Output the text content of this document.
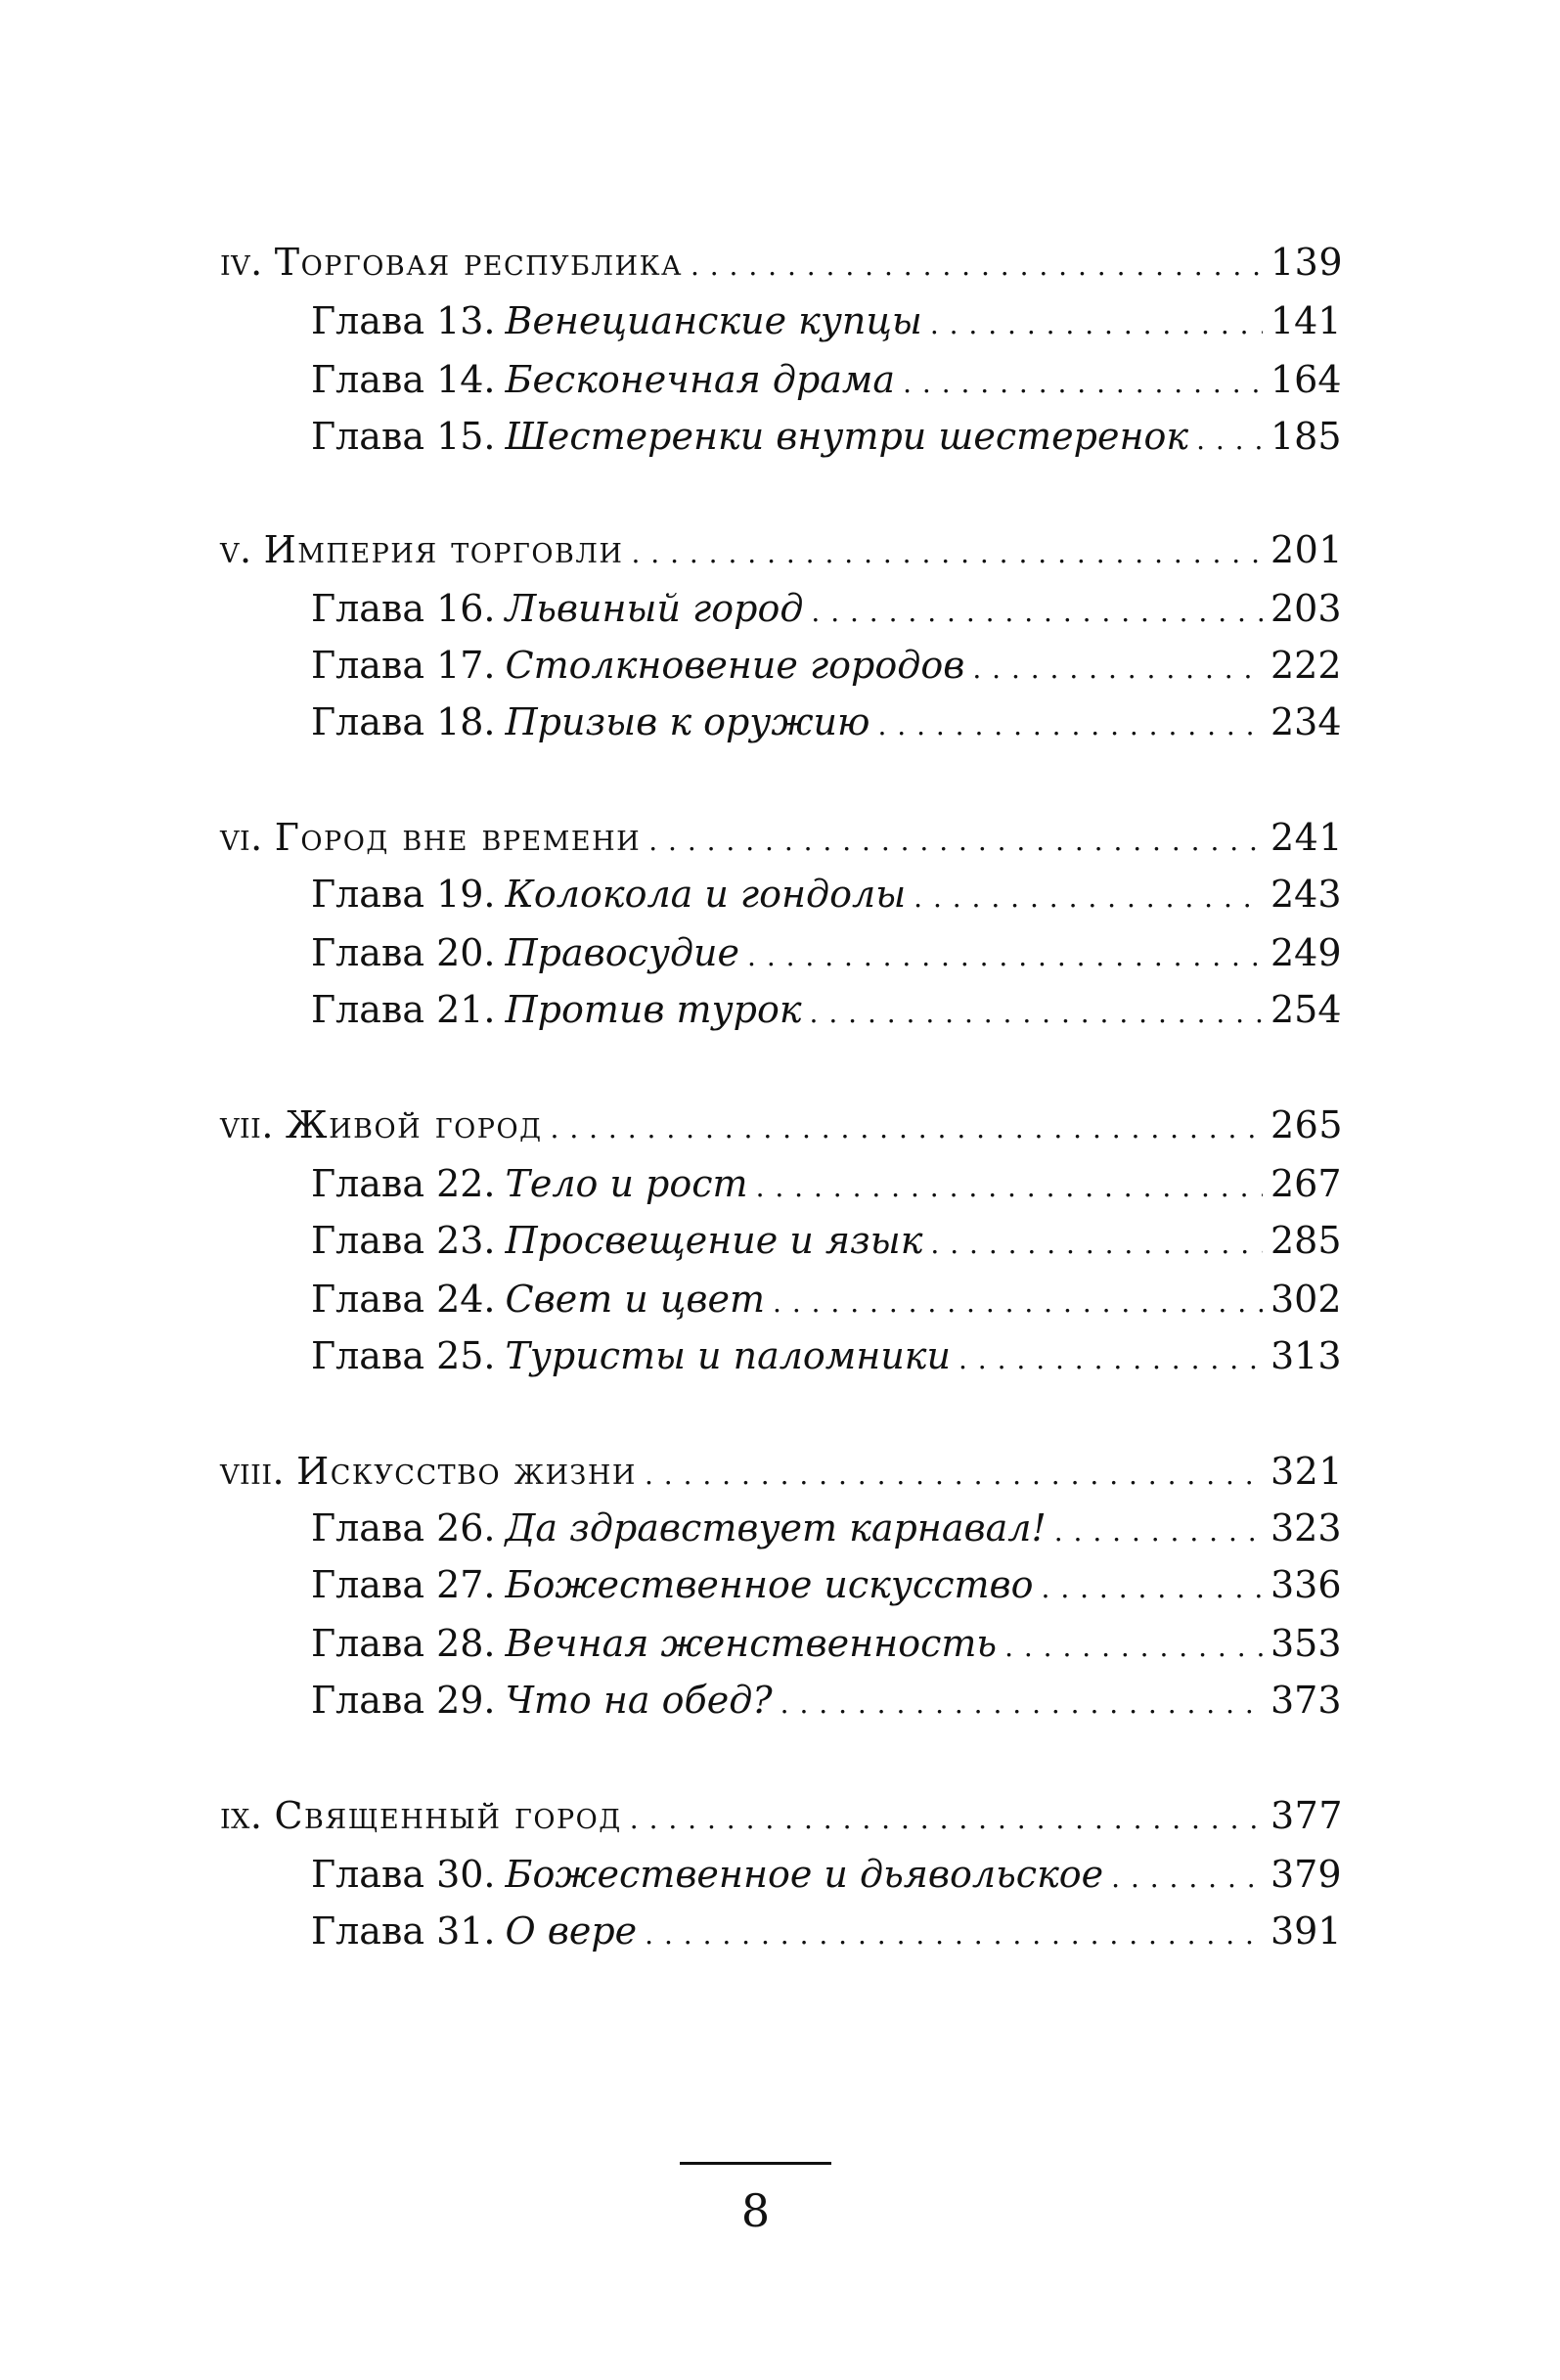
iv. Торговая республика . . .	139
Глава 13. Венецианские купцы . . .	141
Глава 14. Бесконечная драма . . .	164
Глава 15. Шестеренки внутри шестеренок . . . 185
v. Империя торговли . . .	201
Глава 16. Львиный город . . .	203
Глава 17. Столкновение городов . . .	222
Глава 18. Призыв к оружию . . .	234
vi. Город вне времени . . .	241
Глава 19. Колокола и гондолы . . .	243
Глава 20. Правосудие . . .	249
Глава 21. Против турок . . .	254
vii. Живой город . . .	265
Глава 22. Тело и рост . . .	267
Глава 23. Просвещение и язык . . .	285
Глава 24. Свет и цвет . . .	302
Глава 25. Туристы и паломники . . .	313
viii. Искусство жизни . . .	321
Глава 26. Да здравствует карнавал! . . .	323
Глава 27. Божественное искусство . . .	336
Глава 28. Вечная женственность . . .	353
Глава 29. Что на обед? . . .	373
ix. Священный город . . .	377
Глава 30. Божественное и дьявольское . . .	379
Глава 31. О вере . . .	391
8
